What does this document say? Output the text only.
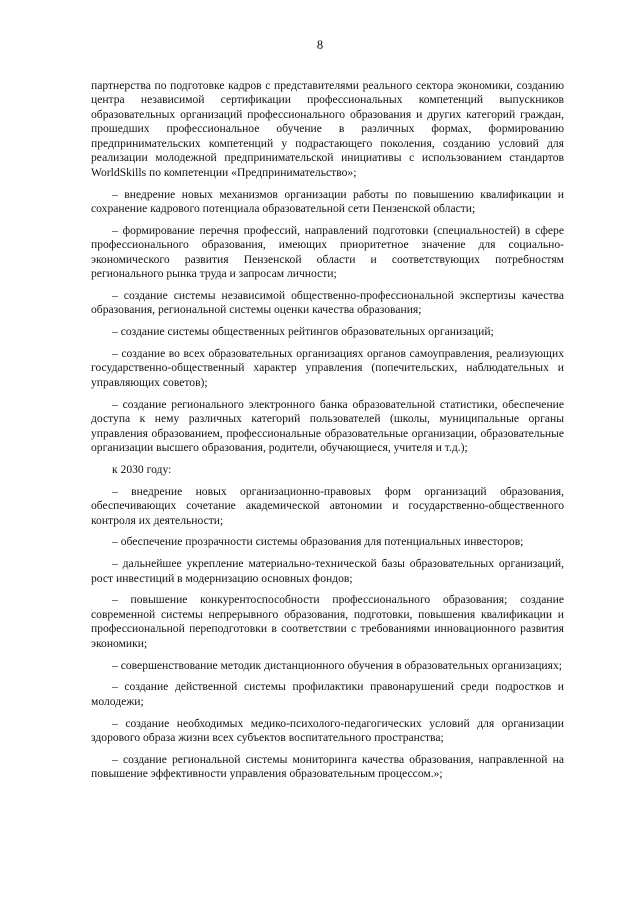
8

партнерства по подготовке кадров с представителями реального сектора экономики, созданию центра независимой сертификации профессиональных компетенций выпускников образовательных организаций профессионального образования и других категорий граждан, прошедших профессиональное обучение в различных формах, формированию предпринимательских компетенций у подрастающего поколения, созданию условий для реализации молодежной предпринимательской инициативы с использованием стандартов WorldSkills по компетенции «Предпринимательство»;

– внедрение новых механизмов организации работы по повышению квалификации и сохранение кадрового потенциала образовательной сети Пензенской области;

– формирование перечня профессий, направлений подготовки (специальностей) в сфере профессионального образования, имеющих приоритетное значение для социально-экономического развития Пензенской области и соответствующих потребностям регионального рынка труда и запросам личности;

– создание системы независимой общественно-профессиональной экспертизы качества образования, региональной системы оценки качества образования;

– создание системы общественных рейтингов образовательных организаций;

– создание во всех образовательных организациях органов самоуправления, реализующих государственно-общественный характер управления (попечительских, наблюдательных и управляющих советов);

– создание регионального электронного банка образовательной статистики, обеспечение доступа к нему различных категорий пользователей (школы, муниципальные органы управления образованием, профессиональные образовательные организации, образовательные организации высшего образования, родители, обучающиеся, учителя и т.д.);

к 2030 году:

– внедрение новых организационно-правовых форм организаций образования, обеспечивающих сочетание академической автономии и государственно-общественного контроля их деятельности;

– обеспечение прозрачности системы образования для потенциальных инвесторов;

– дальнейшее укрепление материально-технической базы образовательных организаций, рост инвестиций в модернизацию основных фондов;

– повышение конкурентоспособности профессионального образования; создание современной системы непрерывного образования, подготовки, повышения квалификации и профессиональной переподготовки в соответствии с требованиями инновационного развития экономики;

– совершенствование методик дистанционного обучения в образовательных организациях;

– создание действенной системы профилактики правонарушений среди подростков и молодежи;

– создание необходимых медико-психолого-педагогических условий для организации здорового образа жизни всех субъектов воспитательного пространства;

– создание региональной системы мониторинга качества образования, направленной на повышение эффективности управления образовательным процессом.»;
